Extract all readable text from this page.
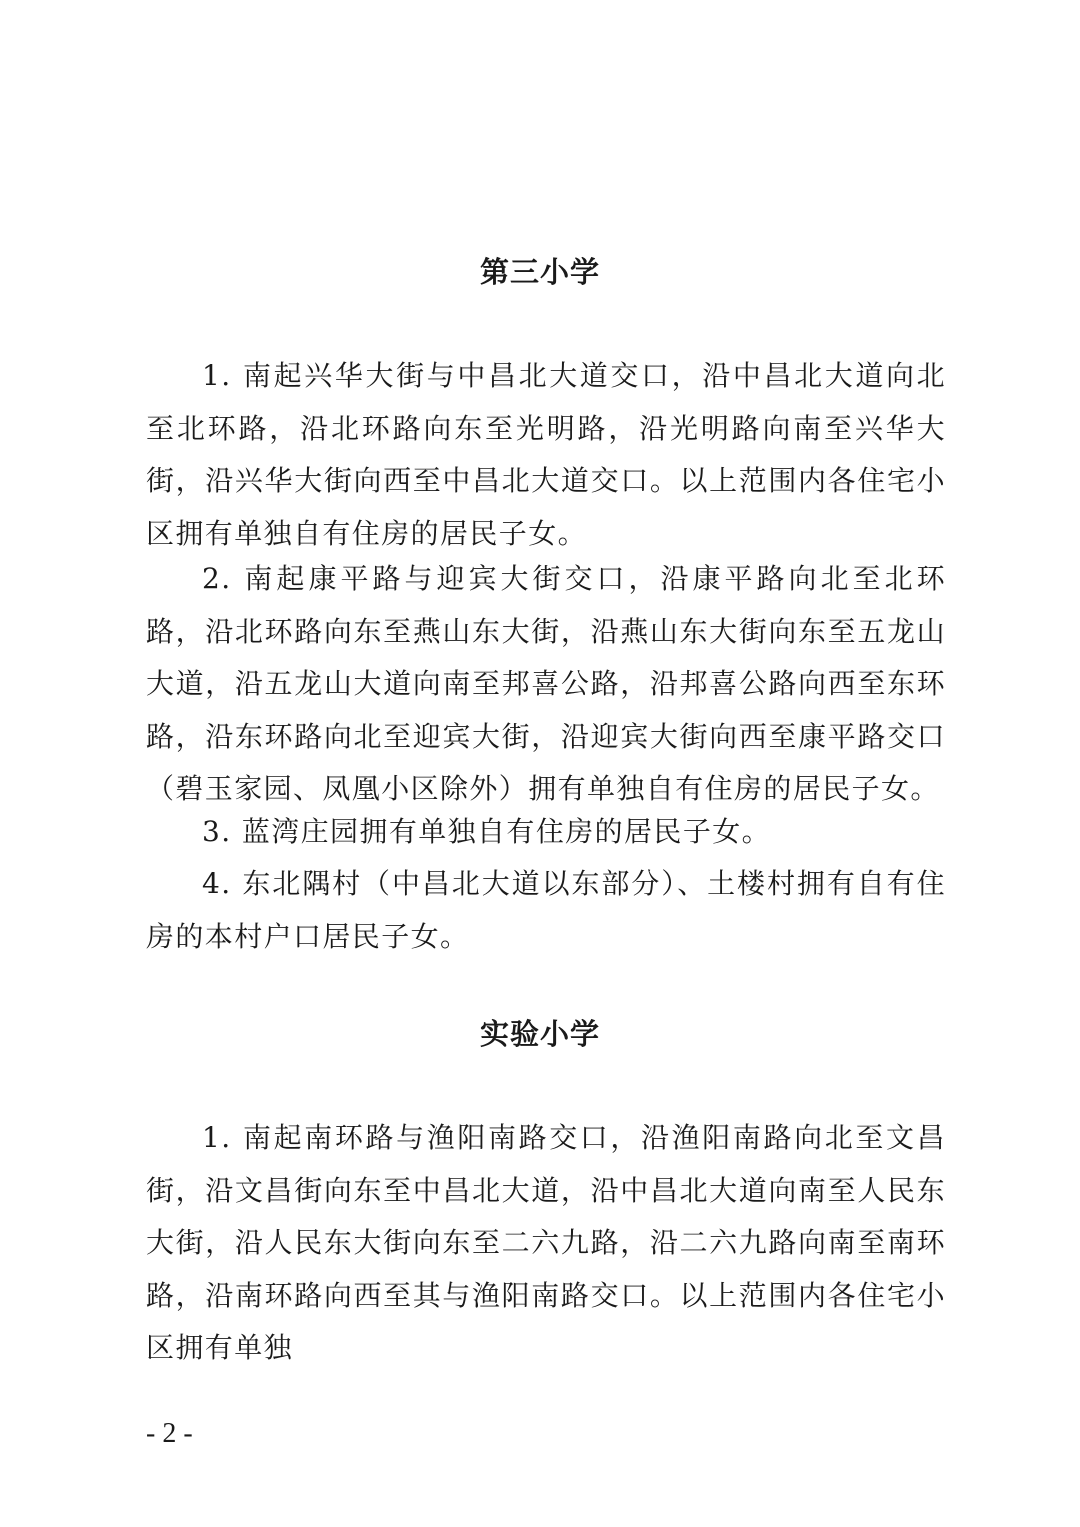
第三小学

1. 南起兴华大街与中昌北大道交口，沿中昌北大道向北至北环路，沿北环路向东至光明路，沿光明路向南至兴华大街，沿兴华大街向西至中昌北大道交口。以上范围内各住宅小区拥有单独自有住房的居民子女。

2. 南起康平路与迎宾大街交口，沿康平路向北至北环路，沿北环路向东至燕山东大街，沿燕山东大街向东至五龙山大道，沿五龙山大道向南至邦喜公路，沿邦喜公路向西至东环路，沿东环路向北至迎宾大街，沿迎宾大街向西至康平路交口（碧玉家园、凤凰小区除外）拥有单独自有住房的居民子女。

3. 蓝湾庄园拥有单独自有住房的居民子女。

4. 东北隅村（中昌北大道以东部分）、土楼村拥有自有住房的本村户口居民子女。

实验小学

1. 南起南环路与渔阳南路交口，沿渔阳南路向北至文昌街，沿文昌街向东至中昌北大道，沿中昌北大道向南至人民东大街，沿人民东大街向东至二六九路，沿二六九路向南至南环路，沿南环路向西至其与渔阳南路交口。以上范围内各住宅小区拥有单独

- 2 -
